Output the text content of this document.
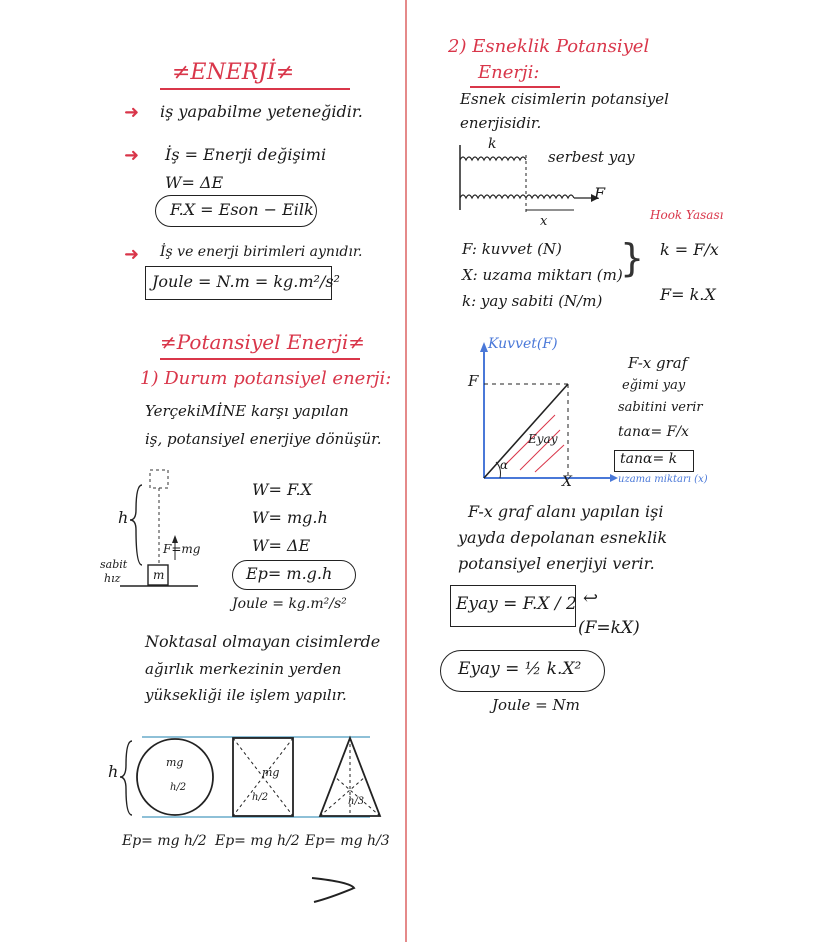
≠ENERJİ≠
➜ iş yapabilme yeteneğidir.
➜ İş = Enerji değişimi
W= ΔE
F.X = Eson − Eilk
➜ İş ve enerji birimleri aynıdır.
Joule = N.m = kg.m²/s²
≠Potansiyel Enerji≠
1) Durum potansiyel enerji:
YerçekiMİNE karşı yapılan
iş, potansiyel enerjiye dönüşür.
h
F=mg
m
sabit
hız
W= F.X
W= mg.h
W= ΔE
Ep= m.g.h
Joule = kg.m²/s²
Noktasal olmayan cisimlerde
ağırlık merkezinin yerden
yüksekliği ile işlem yapılır.
h	mg
h/2
mg
h/2	h/3
Ep= mg h/2 Ep= mg h/2 Ep= mg h/3
2) Esneklik Potansiyel
Enerji:
Esnek cisimlerin potansiyel
enerjisidir.
k
serbest yay
F
x	Hook Yasası
F: kuvvet (N)
X: uzama miktarı (m)
k: yay sabiti (N/m)
} k = F/x
F= k.X
Kuvvet(F)
F
X
Eyay
α
uzama miktarı (x)
F-x graf
eğimi yay
sabitini verir
tanα= F/x
tanα= k
F-x graf alanı yapılan işi
yayda depolanan esneklik
potansiyel enerjiyi verir.
Eyay = F.X / 2 ↩
(F=kX)
Eyay = ½ k.X²
Joule = Nm
